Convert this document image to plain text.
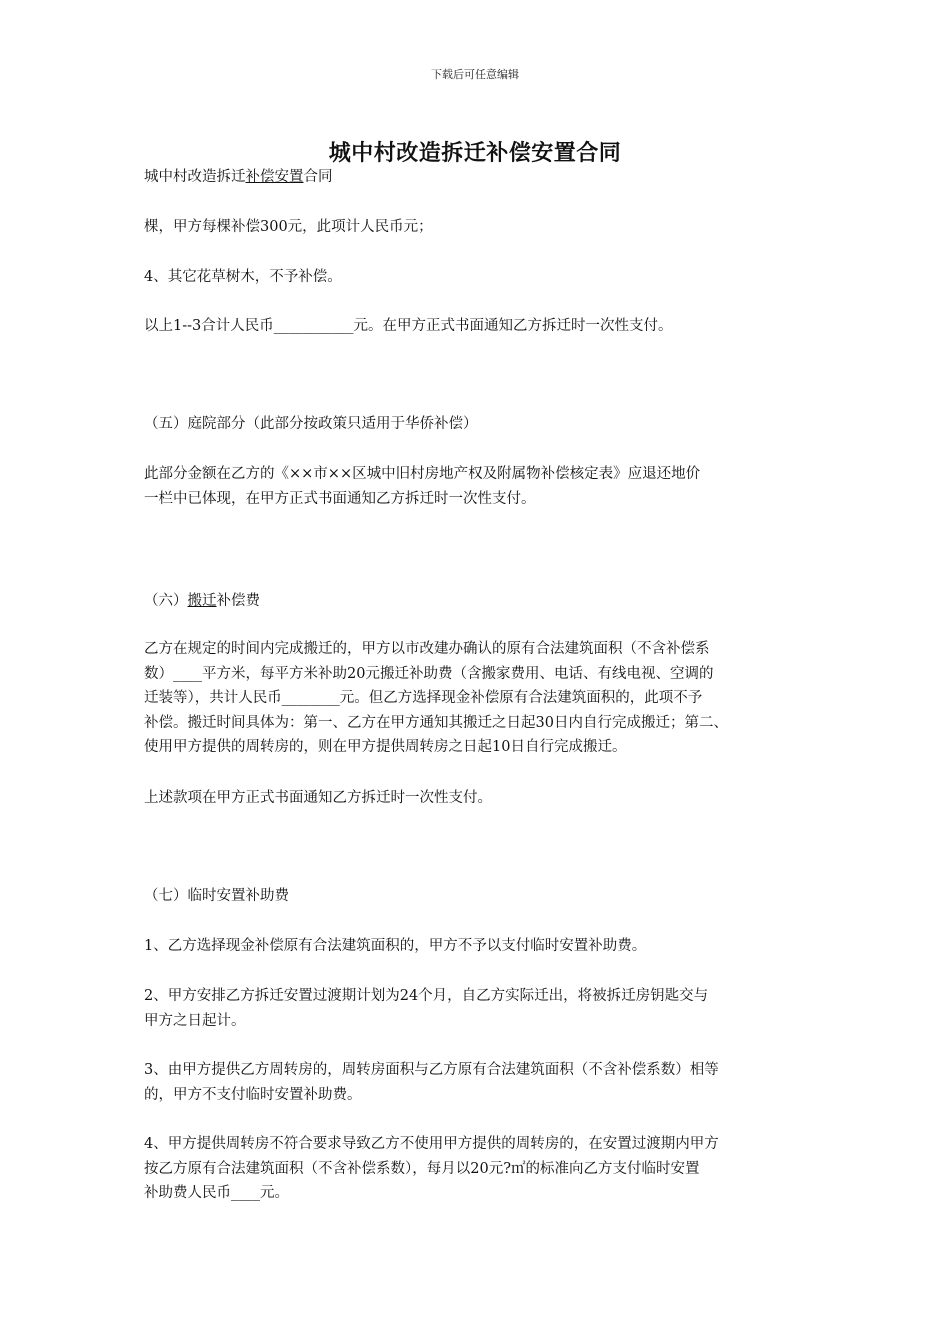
下载后可任意编辑
城中村改造拆迁补偿安置合同
城中村改造拆迁补偿安置合同
棵，甲方每棵补偿300元，此项计人民币元；
4、其它花草树木，不予补偿。
以上1--3合计人民币___________元。在甲方正式书面通知乙方拆迁时一次性支付。
（五）庭院部分（此部分按政策只适用于华侨补偿）
此部分金额在乙方的《××市××区城中旧村房地产权及附属物补偿核定表》应退还地价
一栏中已体现，在甲方正式书面通知乙方拆迁时一次性支付。
（六）搬迁补偿费
乙方在规定的时间内完成搬迁的，甲方以市改建办确认的原有合法建筑面积（不含补偿系
数）____平方米，每平方米补助20元搬迁补助费（含搬家费用、电话、有线电视、空调的
迁装等），共计人民币________元。但乙方选择现金补偿原有合法建筑面积的，此项不予
补偿。搬迁时间具体为：第一、乙方在甲方通知其搬迁之日起30日内自行完成搬迁；第二、
使用甲方提供的周转房的，则在甲方提供周转房之日起10日自行完成搬迁。
上述款项在甲方正式书面通知乙方拆迁时一次性支付。
（七）临时安置补助费
1、乙方选择现金补偿原有合法建筑面积的，甲方不予以支付临时安置补助费。
2、甲方安排乙方拆迁安置过渡期计划为24个月，自乙方实际迁出，将被拆迁房钥匙交与
甲方之日起计。
3、由甲方提供乙方周转房的，周转房面积与乙方原有合法建筑面积（不含补偿系数）相等
的，甲方不支付临时安置补助费。
4、甲方提供周转房不符合要求导致乙方不使用甲方提供的周转房的，在安置过渡期内甲方
按乙方原有合法建筑面积（不含补偿系数），每月以20元?㎡的标准向乙方支付临时安置
补助费人民币____元。
